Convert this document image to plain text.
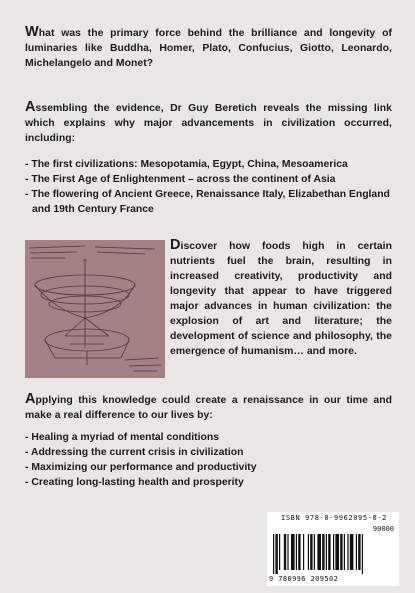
What was the primary force behind the brilliance and longevity of luminaries like Buddha, Homer, Plato, Confucius, Giotto, Leonardo, Michelangelo and Monet?

Assembling the evidence, Dr Guy Beretich reveals the missing link which explains why major advancements in civilization occurred, including:

- The first civilizations: Mesopotamia, Egypt, China, Mesoamerica
- The First Age of Enlightenment – across the continent of Asia
- The flowering of Ancient Greece, Renaissance Italy, Elizabethan England and 19th Century France

Discover how foods high in certain nutrients fuel the brain, resulting in increased creativity, productivity and longevity that appear to have triggered major advances in human civilization: the explosion of art and literature; the development of science and philosophy, the emergence of humanism… and more.

Applying this knowledge could create a renaissance in our time and make a real difference to our lives by:

- Healing a myriad of mental conditions
- Addressing the current crisis in civilization
- Maximizing our performance and productivity
- Creating long-lasting health and prosperity
ISBN 978-0-9962095-0-2
90000
9 780996 209502
